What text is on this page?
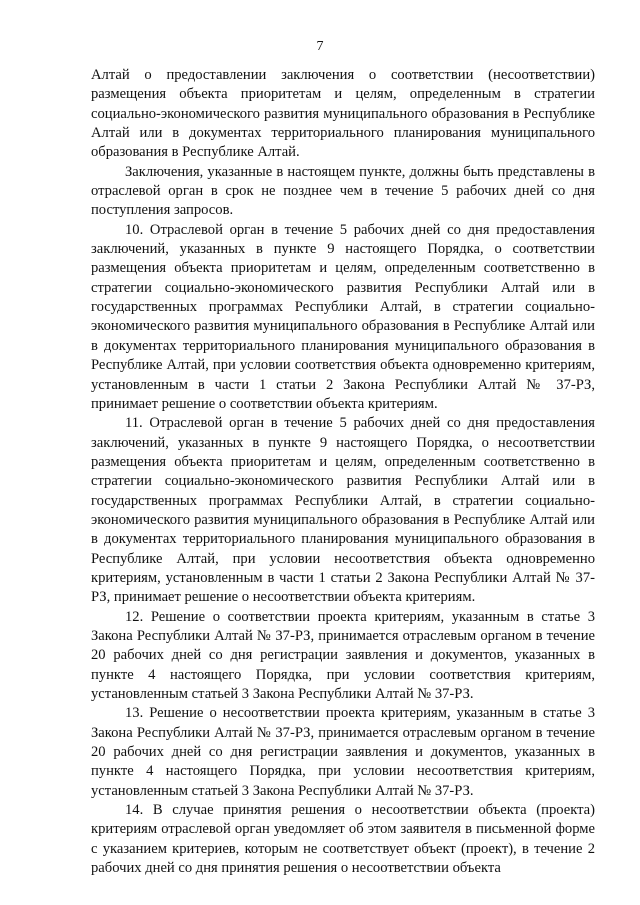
7

Алтай о предоставлении заключения о соответствии (несоответствии) размещения объекта приоритетам и целям, определенным в стратегии социально-экономического развития муниципального образования в Республике Алтай или в документах территориального планирования муниципального образования в Республике Алтай.

Заключения, указанные в настоящем пункте, должны быть представлены в отраслевой орган в срок не позднее чем в течение 5 рабочих дней со дня поступления запросов.

10. Отраслевой орган в течение 5 рабочих дней со дня предоставления заключений, указанных в пункте 9 настоящего Порядка, о соответствии размещения объекта приоритетам и целям, определенным соответственно в стратегии социально-экономического развития Республики Алтай или в государственных программах Республики Алтай, в стратегии социально-экономического развития муниципального образования в Республике Алтай или в документах территориального планирования муниципального образования в Республике Алтай, при условии соответствия объекта одновременно критериям, установленным в части 1 статьи 2 Закона Республики Алтай № 37-РЗ, принимает решение о соответствии объекта критериям.

11. Отраслевой орган в течение 5 рабочих дней со дня предоставления заключений, указанных в пункте 9 настоящего Порядка, о несоответствии размещения объекта приоритетам и целям, определенным соответственно в стратегии социально-экономического развития Республики Алтай или в государственных программах Республики Алтай, в стратегии социально-экономического развития муниципального образования в Республике Алтай или в документах территориального планирования муниципального образования в Республике Алтай, при условии несоответствия объекта одновременно критериям, установленным в части 1 статьи 2 Закона Республики Алтай № 37-РЗ, принимает решение о несоответствии объекта критериям.

12. Решение о соответствии проекта критериям, указанным в статье 3 Закона Республики Алтай № 37-РЗ, принимается отраслевым органом в течение 20 рабочих дней со дня регистрации заявления и документов, указанных в пункте 4 настоящего Порядка, при условии соответствия критериям, установленным статьей 3 Закона Республики Алтай № 37-РЗ.

13. Решение о несоответствии проекта критериям, указанным в статье 3 Закона Республики Алтай № 37-РЗ, принимается отраслевым органом в течение 20 рабочих дней со дня регистрации заявления и документов, указанных в пункте 4 настоящего Порядка, при условии несоответствия критериям, установленным статьей 3 Закона Республики Алтай № 37-РЗ.

14. В случае принятия решения о несоответствии объекта (проекта) критериям отраслевой орган уведомляет об этом заявителя в письменной форме с указанием критериев, которым не соответствует объект (проект), в течение 2 рабочих дней со дня принятия решения о несоответствии объекта
